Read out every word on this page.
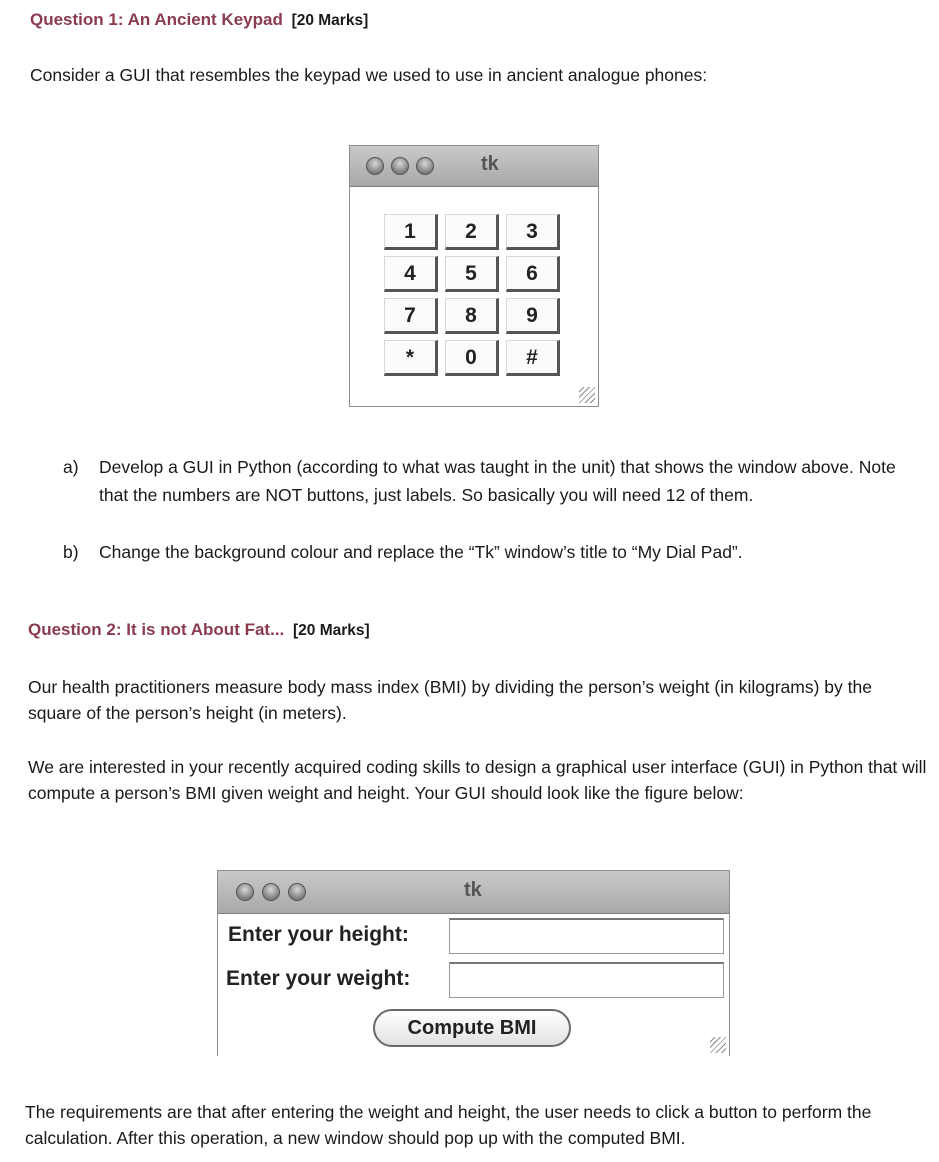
Question 1: An Ancient Keypad [20 Marks]
Consider a GUI that resembles the keypad we used to use in ancient analogue phones:
tk
1	2	3
4	5	6
7	8	9
*	0	#
a) Develop a GUI in Python (according to what was taught in the unit) that shows the window above. Note that the numbers are NOT buttons, just labels. So basically you will need 12 of them.
b) Change the background colour and replace the “Tk” window’s title to “My Dial Pad”.
Question 2: It is not About Fat... [20 Marks]
Our health practitioners measure body mass index (BMI) by dividing the person’s weight (in kilograms) by the square of the person’s height (in meters).
We are interested in your recently acquired coding skills to design a graphical user interface (GUI) in Python that will compute a person’s BMI given weight and height. Your GUI should look like the figure below:
tk
Enter your height:
Enter your weight:
Compute BMI
The requirements are that after entering the weight and height, the user needs to click a button to perform the calculation. After this operation, a new window should pop up with the computed BMI.
